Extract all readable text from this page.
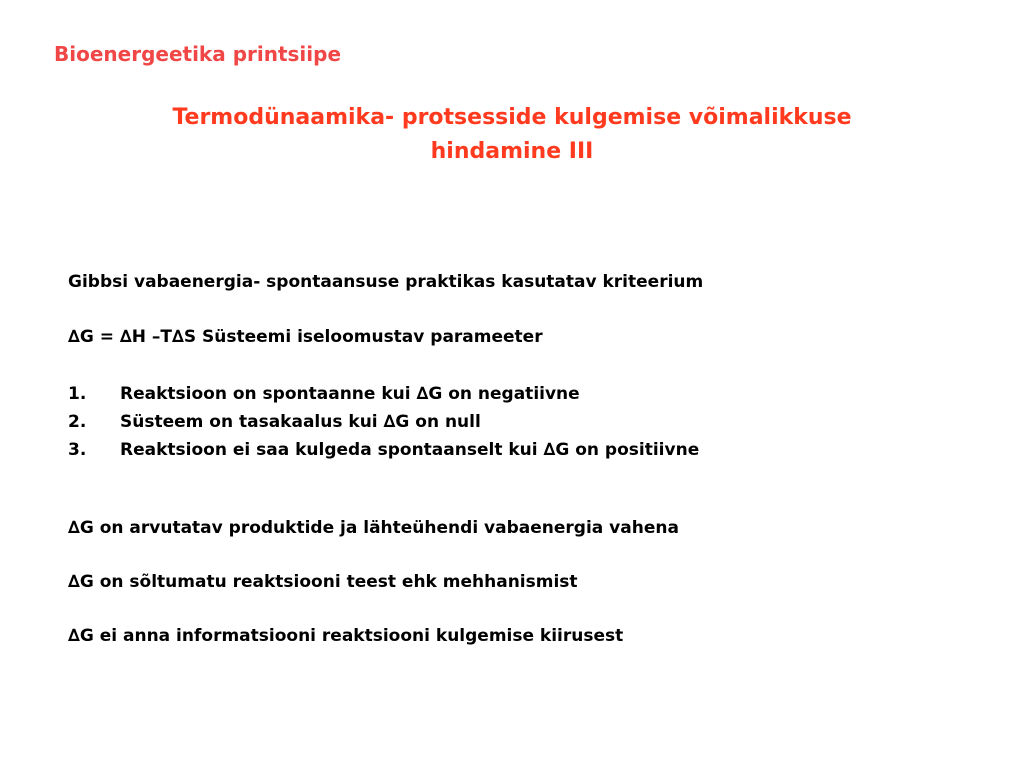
Bioenergeetika printsiipe
Termodünaamika- protsesside kulgemise võimalikkuse
hindamine III
Gibbsi vabaenergia- spontaansuse praktikas kasutatav kriteerium
∆G = ∆H –T∆S Süsteemi iseloomustav parameeter
1. Reaktsioon on spontaanne kui ∆G on negatiivne
2. Süsteem on tasakaalus kui ∆G on null
3. Reaktsioon ei saa kulgeda spontaanselt kui ∆G on positiivne
∆G on arvutatav produktide ja lähteühendi vabaenergia vahena
∆G on sõltumatu reaktsiooni teest ehk mehhanismist
∆G ei anna informatsiooni reaktsiooni kulgemise kiirusest
